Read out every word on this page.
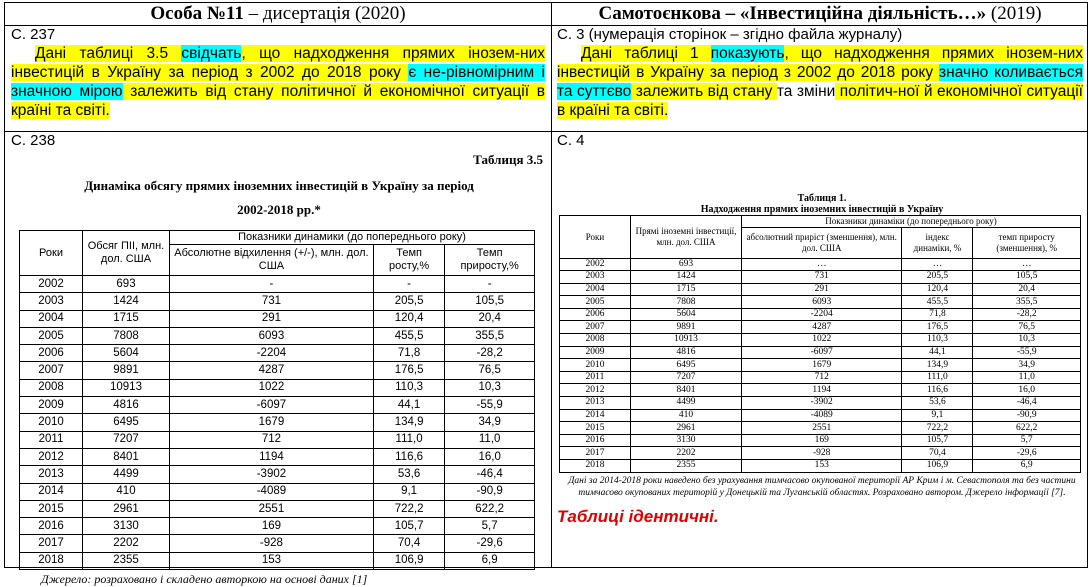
Особа №11 – дисертація (2020)	Самотоєнкова – «Інвестиційна діяльність…» (2019)
С. 237
Дані таблиці 3.5 свідчать, що надходження прямих інозем-них інвестицій в Україну за період з 2002 до 2018 року є не-рівномірним і значною мірою залежить від стану політичної й економічної ситуації в країні та світі.
С. 3 (нумерація сторінок – згідно файла журналу)
Дані таблиці 1 показують, що надходження прямих інозем-них інвестицій в Україну за період з 2002 до 2018 року значно коливається та суттєво залежить від стану та зміни політич-ної й економічної ситуації в країні та світі.
С. 238
Таблиця 3.5
Динаміка обсягу прямих іноземних інвестицій в Україну за період
2002-2018 рр.*
Роки	Обсяг ПІІ, млн. дол. США	Показники динамики (до попереднього року)		
		Абсолютне відхилення (+/-), млн. дол. США	Темп росту,%	Темп приросту,%
2002	693	-	-	-
2003	1424	731	205,5	105,5
2004	1715	291	120,4	20,4
2005	7808	6093	455,5	355,5
2006	5604	-2204	71,8	-28,2
2007	9891	4287	176,5	76,5
2008	10913	1022	110,3	10,3
2009	4816	-6097	44,1	-55,9
2010	6495	1679	134,9	34,9
2011	7207	712	111,0	11,0
2012	8401	1194	116,6	16,0
2013	4499	-3902	53,6	-46,4
2014	410	-4089	9,1	-90,9
2015	2961	2551	722,2	622,2
2016	3130	169	105,7	5,7
2017	2202	-928	70,4	-29,6
2018	2355	153	106,9	6,9
Джерело: розраховано і складено авторкою на основі даних [1]
С. 4
Таблиця 1.
Надходження прямих іноземних інвестицій в Україну
Роки	Прямі іноземні інвестиції, млн. дол. США	Показники динаміки (до попереднього року)		
		абсолютний приріст (зменшення), млн. дол. США	індекс динаміки, %	темп приросту (зменшення), %
2002	693	…	…	…
2003	1424	731	205,5	105,5
2004	1715	291	120,4	20,4
2005	7808	6093	455,5	355,5
2006	5604	-2204	71,8	-28,2
2007	9891	4287	176,5	76,5
2008	10913	1022	110,3	10,3
2009	4816	-6097	44,1	-55,9
2010	6495	1679	134,9	34,9
2011	7207	712	111,0	11,0
2012	8401	1194	116,6	16,0
2013	4499	-3902	53,6	-46,4
2014	410	-4089	9,1	-90,9
2015	2961	2551	722,2	622,2
2016	3130	169	105,7	5,7
2017	2202	-928	70,4	-29,6
2018	2355	153	106,9	6,9
Дані за 2014-2018 роки наведено без урахування тимчасово окупованої території АР Крим і м. Севастополя та без частини тимчасово окупованих територій у Донецькій та Луганській областях. Розраховано автором. Джерело інформації [7].
Таблиці ідентичні.
